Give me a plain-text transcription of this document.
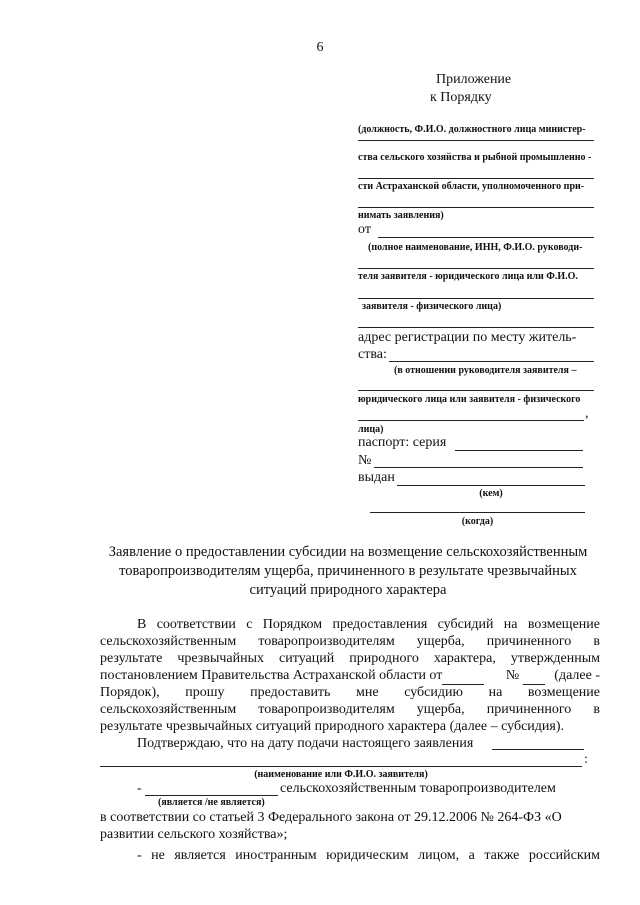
6
Приложение
к Порядку
(должность, Ф.И.О. должностного лица министер-
ства сельского хозяйства и рыбной промышленно -
сти Астраханской области, уполномоченного при-
нимать заявления)
от
(полное наименование, ИНН, Ф.И.О. руководи-
теля заявителя - юридического лица или Ф.И.О.
заявителя - физического лица)
адрес регистрации по месту житель-
ства:
(в отношении руководителя заявителя –
юридического лица или заявителя - физического
,
лица)
паспорт: серия
№
выдан
(кем)
(когда)
Заявление о предоставлении субсидии на возмещение сельскохозяйственным
товаропроизводителям ущерба, причиненного в результате чрезвычайных
ситуаций природного характера
В соответствии с Порядком предоставления субсидий на возмещение
сельскохозяйственным товаропроизводителям ущерба, причиненного в
результате чрезвычайных ситуаций природного характера, утвержденным
постановлением Правительства Астраханской области от	№	(далее -
Порядок), прошу предоставить мне субсидию на возмещение
сельскохозяйственным товаропроизводителям ущерба, причиненного в
результате чрезвычайных ситуаций природного характера (далее – субсидия).
Подтверждаю, что на дату подачи настоящего заявления
:
(наименование или Ф.И.О. заявителя)
-	сельскохозяйственным товаропроизводителем
(является /не является)
в соответствии со статьей 3 Федерального закона от 29.12.2006 № 264-ФЗ «О
развитии сельского хозяйства»;
- не является иностранным юридическим лицом, а также российским
